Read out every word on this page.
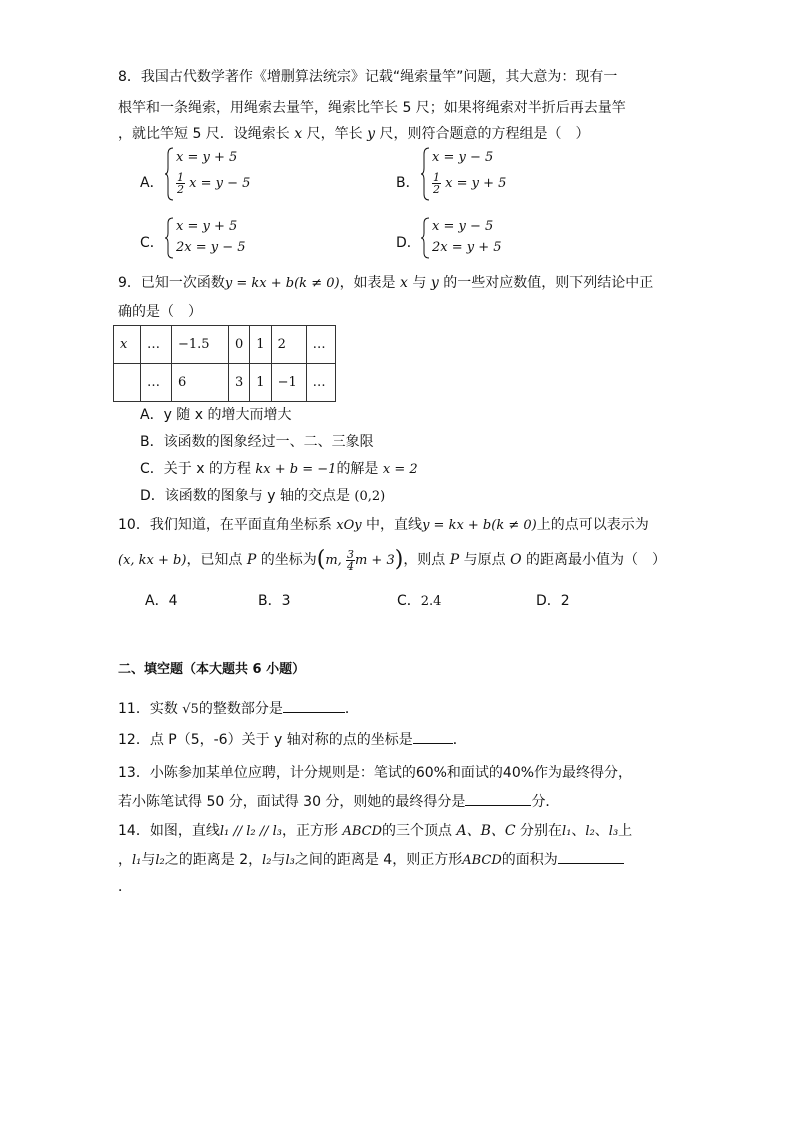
8．我国古代数学著作《增删算法统宗》记载“绳索量竿”问题，其大意为：现有一
根竿和一条绳索，用绳索去量竿，绳索比竿长 5 尺；如果将绳索对半折后再去量竿
，就比竿短 5 尺．设绳索长 x 尺，竿长 y 尺，则符合题意的方程组是（　）
A．
x = y + 5
$\frac{1}{2}$ x = y − 5	B．
x = y − 5
$\frac{1}{2}$ x = y + 5
C．
x = y + 5
2x = y − 5	D．
x = y − 5
2x = y + 5
9．已知一次函数y = kx + b(k ≠ 0)，如表是 x 与 y 的一些对应数值，则下列结论中正
确的是（　）
x	…	−1.5	0	1	2	…
	…	6	3	1	−1	…
A．y 随 x 的增大而增大
B．该函数的图象经过一、二、三象限
C．关于 x 的方程 kx + b = −1的解是 x = 2
D．该函数的图象与 y 轴的交点是 (0,2)
10．我们知道，在平面直角坐标系 xOy 中，直线y = kx + b(k ≠ 0)上的点可以表示为
(x, kx + b)，已知点 P 的坐标为(m, $\frac{3}{4}$ m + 3)，则点 P 与原点 O 的距离最小值为（　）
A．4	B．3	C．2.4	D．2
二、填空题（本大题共 6 小题）
11．实数 √5的整数部分是	．
12．点 P（5，-6）关于 y 轴对称的点的坐标是	．
13．小陈参加某单位应聘，计分规则是：笔试的60%和面试的40%作为最终得分，
若小陈笔试得 50 分，面试得 30 分，则她的最终得分是	分．
14．如图，直线l₁ // l₂ // l₃，正方形 ABCD的三个顶点 A、B、C 分别在l₁、l₂、l₃上
，l₁与l₂之的距离是 2，l₂与l₃之间的距离是 4，则正方形ABCD的面积为
．
